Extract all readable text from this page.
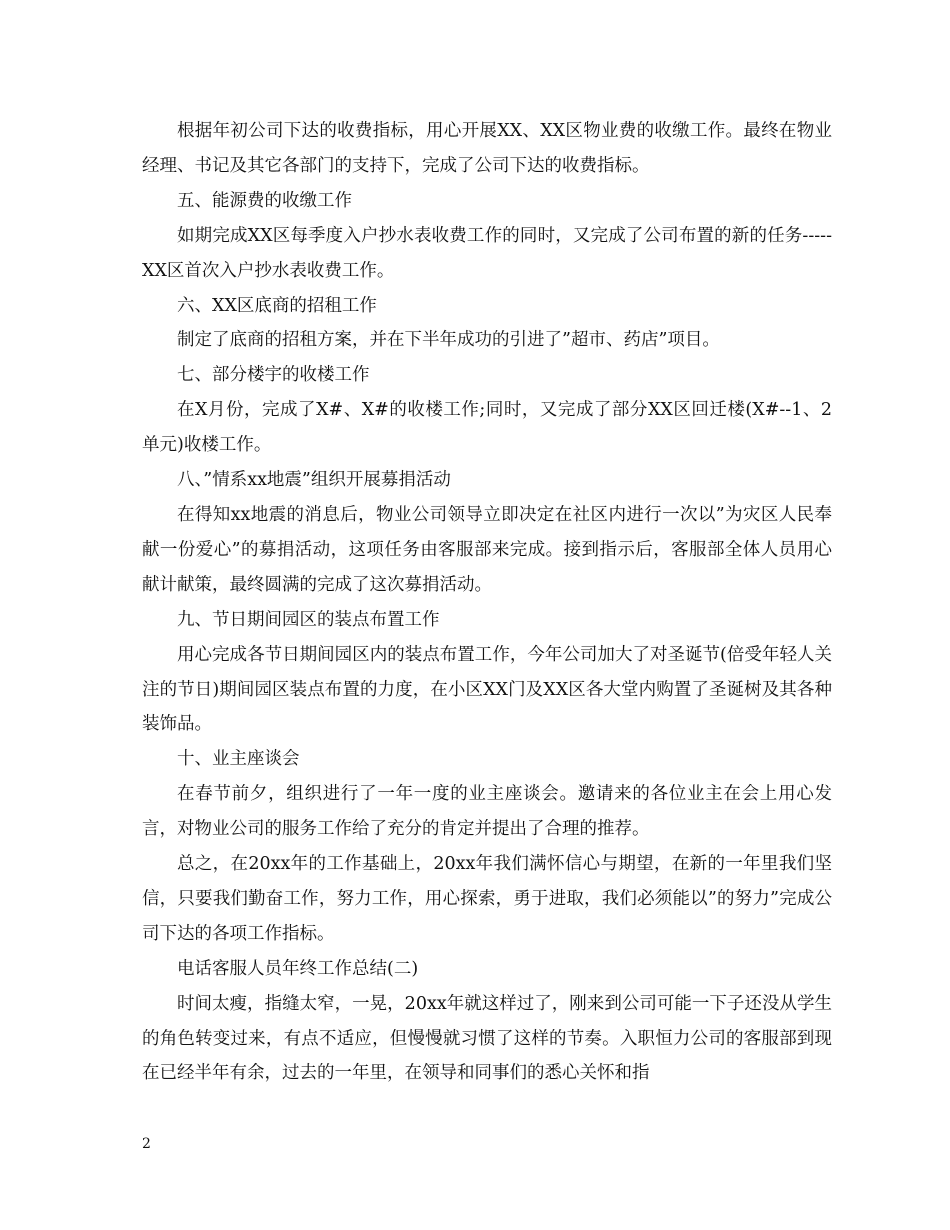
根据年初公司下达的收费指标，用心开展XX、XX区物业费的收缴工作。最终在物业经理、书记及其它各部门的支持下，完成了公司下达的收费指标。

五、能源费的收缴工作

如期完成XX区每季度入户抄水表收费工作的同时，又完成了公司布置的新的任务-----XX区首次入户抄水表收费工作。

六、XX区底商的招租工作

制定了底商的招租方案，并在下半年成功的引进了”超市、药店”项目。

七、部分楼宇的收楼工作

在X月份，完成了X#、X#的收楼工作;同时，又完成了部分XX区回迁楼(X#--1、2单元)收楼工作。

八、”情系xx地震”组织开展募捐活动

在得知xx地震的消息后，物业公司领导立即决定在社区内进行一次以”为灾区人民奉献一份爱心”的募捐活动，这项任务由客服部来完成。接到指示后，客服部全体人员用心献计献策，最终圆满的完成了这次募捐活动。

九、节日期间园区的装点布置工作

用心完成各节日期间园区内的装点布置工作，今年公司加大了对圣诞节(倍受年轻人关注的节日)期间园区装点布置的力度，在小区XX门及XX区各大堂内购置了圣诞树及其各种装饰品。

十、业主座谈会

在春节前夕，组织进行了一年一度的业主座谈会。邀请来的各位业主在会上用心发言，对物业公司的服务工作给了充分的肯定并提出了合理的推荐。

总之，在20xx年的工作基础上，20xx年我们满怀信心与期望，在新的一年里我们坚信，只要我们勤奋工作，努力工作，用心探索，勇于进取，我们必须能以”的努力”完成公司下达的各项工作指标。

电话客服人员年终工作总结(二)

时间太瘦，指缝太窄，一晃，20xx年就这样过了，刚来到公司可能一下子还没从学生的角色转变过来，有点不适应，但慢慢就习惯了这样的节奏。入职恒力公司的客服部到现在已经半年有余，过去的一年里，在领导和同事们的悉心关怀和指

2
